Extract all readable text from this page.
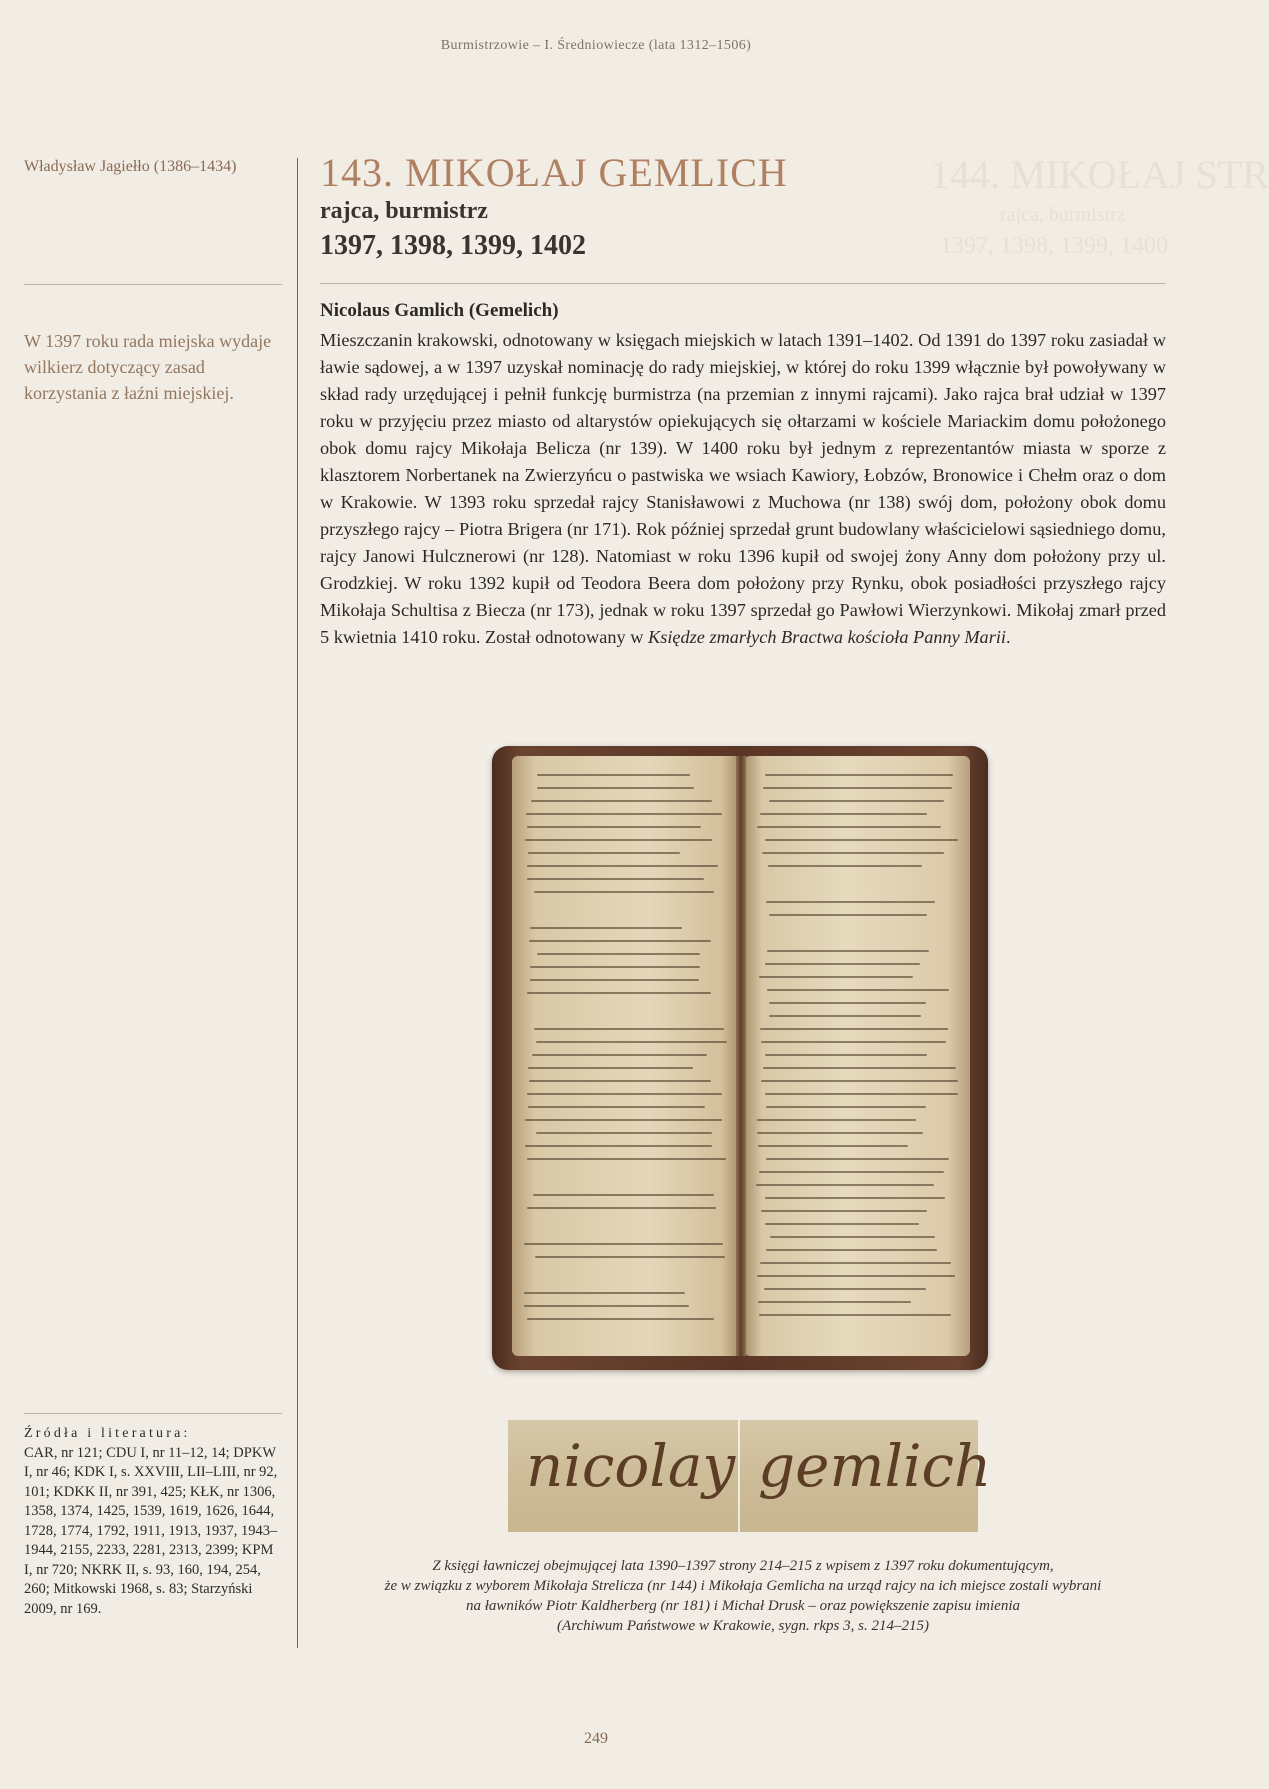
Burmistrzowie – I. Średniowiecze (lata 1312–1506)
Władysław Jagiełło (1386–1434)
W 1397 roku rada miejska wydaje wilkierz dotyczący zasad korzystania z łaźni miejskiej.
Źródła i literatura:
CAR, nr 121; CDU I, nr 11–12, 14; DPKW I, nr 46; KDK I, s. XXVIII, LII–LIII, nr 92, 101; KDKK II, nr 391, 425; KŁK, nr 1306, 1358, 1374, 1425, 1539, 1619, 1626, 1644, 1728, 1774, 1792, 1911, 1913, 1937, 1943–1944, 2155, 2233, 2281, 2313, 2399; KPM I, nr 720; NKRK II, s. 93, 160, 194, 254, 260; Mitkowski 1968, s. 83; Starzyński 2009, nr 169.
144. MIKOŁAJ STR
rajca, burmistrz
1397, 1398, 1399, 1400
143. MIKOŁAJ GEMLICH
rajca, burmistrz
1397, 1398, 1399, 1402
Nicolaus Gamlich (Gemelich)
Mieszczanin krakowski, odnotowany w księgach miejskich w latach 1391–1402. Od 1391 do 1397 roku zasiadał w ławie sądowej, a w 1397 uzyskał nominację do rady miejskiej, w której do roku 1399 włącznie był powoływany w skład rady urzędującej i pełnił funkcję burmistrza (na przemian z innymi rajcami). Jako rajca brał udział w 1397 roku w przyjęciu przez miasto od altarystów opiekujących się ołtarzami w kościele Mariackim domu położonego obok domu rajcy Mikołaja Belicza (nr 139). W 1400 roku był jednym z reprezentantów miasta w sporze z klasztorem Norbertanek na Zwierzyńcu o pastwiska we wsiach Kawiory, Łobzów, Bronowice i Chełm oraz o dom w Krakowie. W 1393 roku sprzedał rajcy Stanisławowi z Muchowa (nr 138) swój dom, położony obok domu przyszłego rajcy – Piotra Brigera (nr 171). Rok później sprzedał grunt budowlany właścicielowi sąsiedniego domu, rajcy Janowi Hulcznerowi (nr 128). Natomiast w roku 1396 kupił od swojej żony Anny dom położony przy ul. Grodzkiej. W roku 1392 kupił od Teodora Beera dom położony przy Rynku, obok posiadłości przyszłego rajcy Mikołaja Schultisa z Biecza (nr 173), jednak w roku 1397 sprzedał go Pawłowi Wierzynkowi. Mikołaj zmarł przed 5 kwietnia 1410 roku. Został odnotowany w Księdze zmarłych Bractwa kościoła Panny Marii.
nicolay gemlich
Z księgi ławniczej obejmującej lata 1390–1397 strony 214–215 z wpisem z 1397 roku dokumentującym,
że w związku z wyborem Mikołaja Strelicza (nr 144) i Mikołaja Gemlicha na urząd rajcy na ich miejsce zostali wybrani
na ławników Piotr Kaldherberg (nr 181) i Michał Drusk – oraz powiększenie zapisu imienia
(Archiwum Państwowe w Krakowie, sygn. rkps 3, s. 214–215)
249
